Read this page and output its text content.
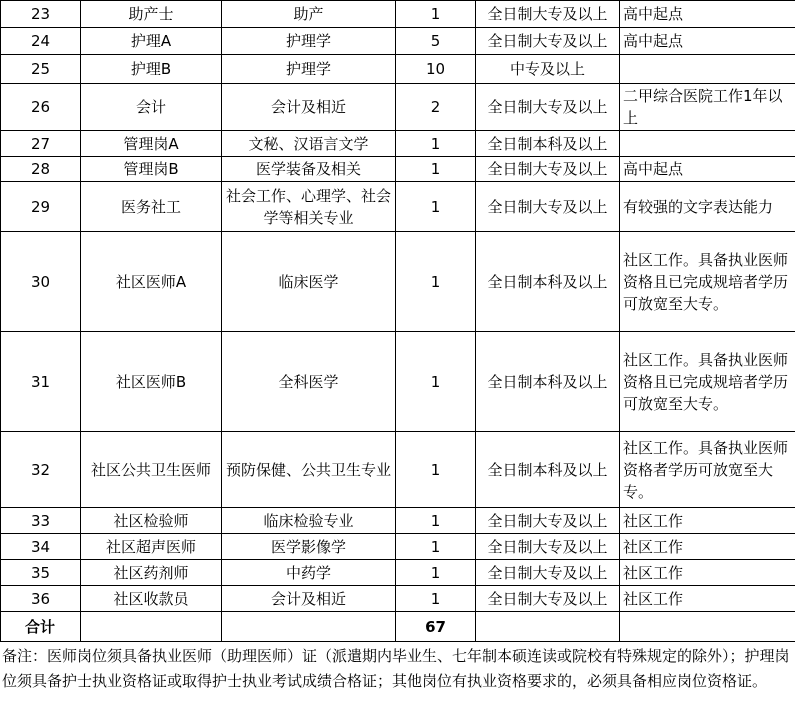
23	助产士	助产	1	全日制大专及以上	高中起点
24	护理A	护理学	5	全日制大专及以上	高中起点
25	护理B	护理学	10	中专及以上	
26	会计	会计及相近	2	全日制大专及以上	二甲综合医院工作1年以上
27	管理岗A	文秘、汉语言文学	1	全日制本科及以上	
28	管理岗B	医学装备及相关	1	全日制大专及以上	高中起点
29	医务社工	社会工作、心理学、社会学等相关专业	1	全日制大专及以上	有较强的文字表达能力
30	社区医师A	临床医学	1	全日制本科及以上	社区工作。具备执业医师资格且已完成规培者学历可放宽至大专。
31	社区医师B	全科医学	1	全日制本科及以上	社区工作。具备执业医师资格且已完成规培者学历可放宽至大专。
32	社区公共卫生医师	预防保健、公共卫生专业	1	全日制本科及以上	社区工作。具备执业医师资格者学历可放宽至大专。
33	社区检验师	临床检验专业	1	全日制大专及以上	社区工作
34	社区超声医师	医学影像学	1	全日制大专及以上	社区工作
35	社区药剂师	中药学	1	全日制大专及以上	社区工作
36	社区收款员	会计及相近	1	全日制大专及以上	社区工作
合计			67		
备注：医师岗位须具备执业医师（助理医师）证（派遣期内毕业生、七年制本硕连读或院校有特殊规定的除外）；护理岗位须具备护士执业资格证或取得护士执业考试成绩合格证；其他岗位有执业资格要求的，必须具备相应岗位资格证。
